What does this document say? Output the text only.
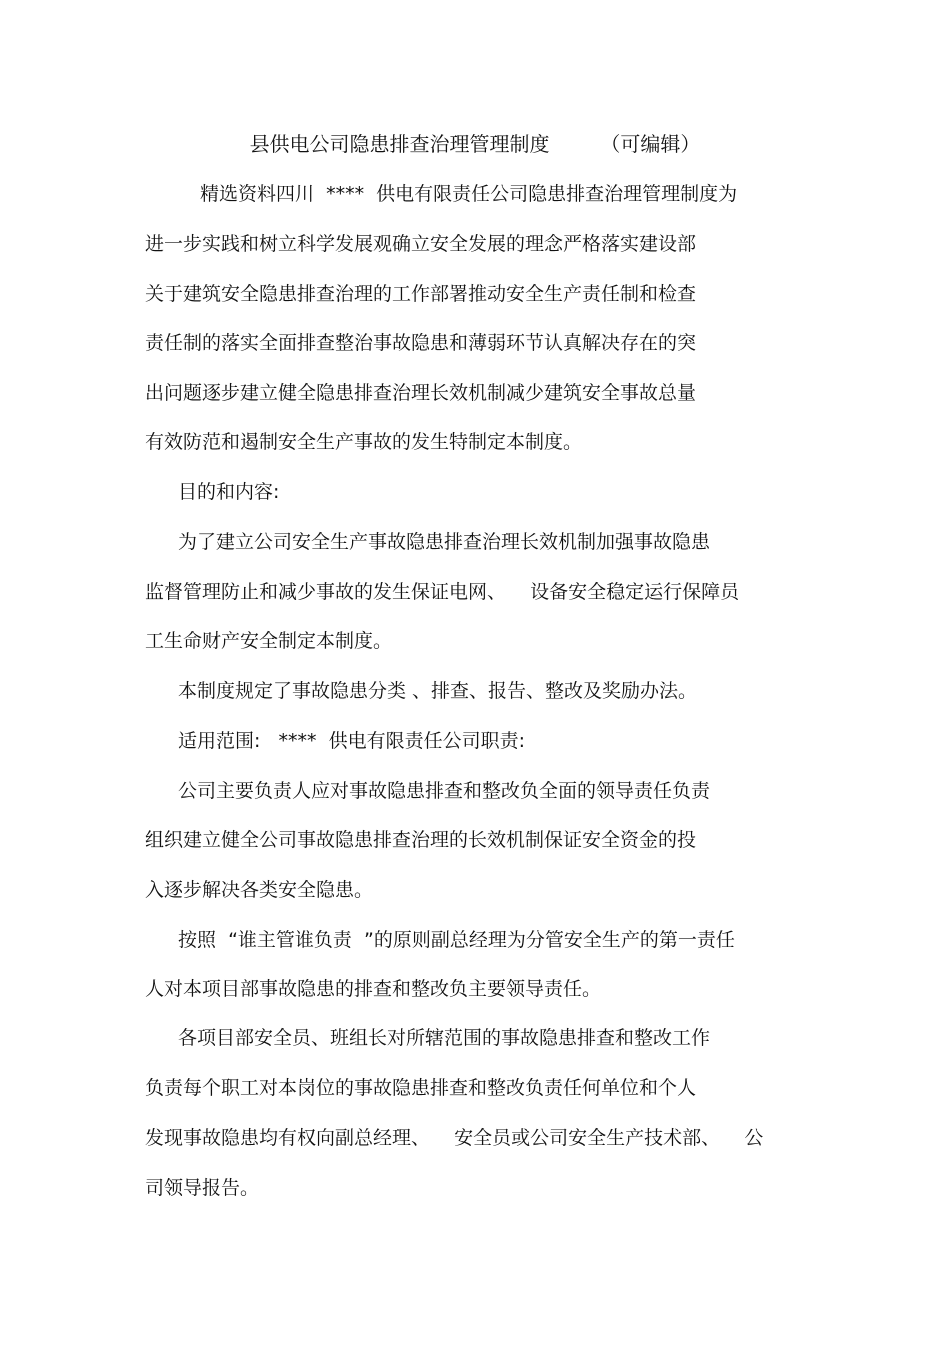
县供电公司隐患排查治理管理制度        （可编辑）
精选资料四川  ****  供电有限责任公司隐患排查治理管理制度为
进一步实践和树立科学发展观确立安全发展的理念严格落实建设部
关于建筑安全隐患排查治理的工作部署推动安全生产责任制和检查
责任制的落实全面排查整治事故隐患和薄弱环节认真解决存在的突
出问题逐步建立健全隐患排查治理长效机制减少建筑安全事故总量
有效防范和遏制安全生产事故的发生特制定本制度。
目的和内容:
为了建立公司安全生产事故隐患排查治理长效机制加强事故隐患
监督管理防止和减少事故的发生保证电网、    设备安全稳定运行保障员
工生命财产安全制定本制度。
本制度规定了事故隐患分类 、排查、报告、整改及奖励办法。
适用范围:   ****  供电有限责任公司职责:
公司主要负责人应对事故隐患排查和整改负全面的领导责任负责
组织建立健全公司事故隐患排查治理的长效机制保证安全资金的投
入逐步解决各类安全隐患。
按照  “谁主管谁负责  ”的原则副总经理为分管安全生产的第一责任
人对本项目部事故隐患的排查和整改负主要领导责任。
各项目部安全员、班组长对所辖范围的事故隐患排查和整改工作
负责每个职工对本岗位的事故隐患排查和整改负责任何单位和个人
发现事故隐患均有权向副总经理、    安全员或公司安全生产技术部、    公
司领导报告。
